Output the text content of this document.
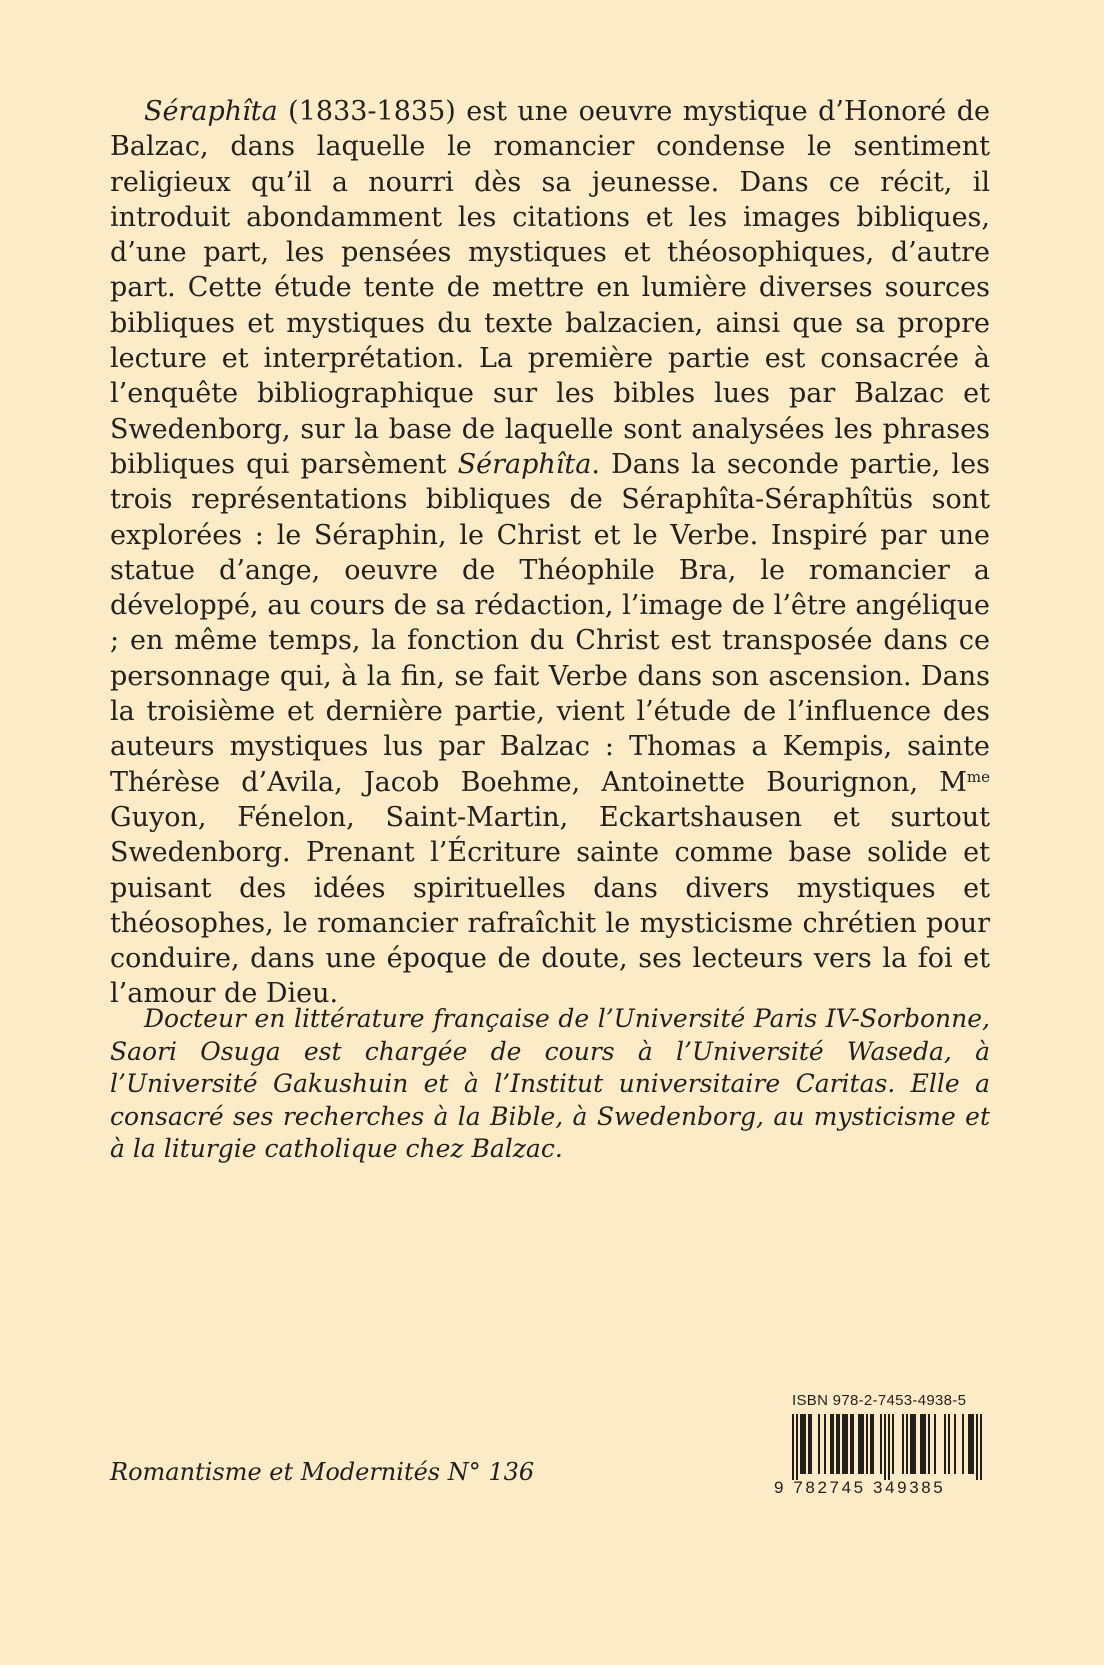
Séraphîta (1833-1835) est une oeuvre mystique d’Honoré de Balzac, dans laquelle le romancier condense le sentiment religieux qu’il a nourri dès sa jeunesse. Dans ce récit, il introduit abondamment les citations et les images bibliques, d’une part, les pensées mystiques et théosophiques, d’autre part. Cette étude tente de mettre en lumière diverses sources bibliques et mystiques du texte balzacien, ainsi que sa propre lecture et interprétation. La première partie est consacrée à l’enquête bibliographique sur les bibles lues par Balzac et Swedenborg, sur la base de laquelle sont analysées les phrases bibliques qui parsèment Séraphîta. Dans la seconde partie, les trois représentations bibliques de Séraphîta-Séraphîtüs sont explorées : le Séraphin, le Christ et le Verbe. Inspiré par une statue d’ange, oeuvre de Théophile Bra, le romancier a développé, au cours de sa rédaction, l’image de l’être angélique ; en même temps, la fonction du Christ est transposée dans ce personnage qui, à la fin, se fait Verbe dans son ascension. Dans la troisième et dernière partie, vient l’étude de l’influence des auteurs mystiques lus par Balzac : Thomas a Kempis, sainte Thérèse d’Avila, Jacob Boehme, Antoinette Bourignon, $M^{me}$ Guyon, Fénelon, Saint-Martin, Eckartshausen et surtout Swedenborg. Prenant l’Écriture sainte comme base solide et puisant des idées spirituelles dans divers mystiques et théosophes, le romancier rafraîchit le mysticisme chrétien pour conduire, dans une époque de doute, ses lecteurs vers la foi et l’amour de Dieu.

Docteur en littérature française de l’Université Paris IV-Sorbonne, Saori Osuga est chargée de cours à l’Université Waseda, à l’Université Gakushuin et à l’Institut universitaire Caritas. Elle a consacré ses recherches à la Bible, à Swedenborg, au mysticisme et à la liturgie catholique chez Balzac.

Romantisme et Modernités N° 136

ISBN 978-2-7453-4938-5

9 782745 349385
